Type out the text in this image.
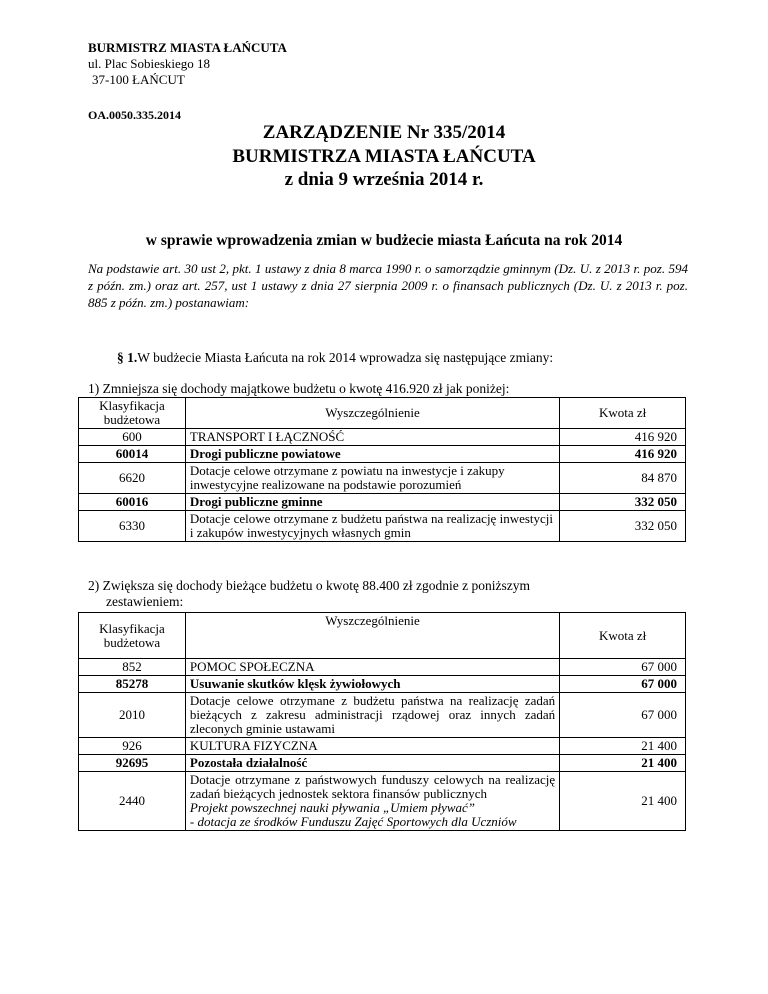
BURMISTRZ MIASTA ŁAŃCUTA
ul. Plac Sobieskiego 18
37-100 ŁAŃCUT
OA.0050.335.2014
ZARZĄDZENIE Nr 335/2014
BURMISTRZA MIASTA ŁAŃCUTA
z dnia 9 września 2014 r.
w sprawie wprowadzenia zmian w budżecie miasta Łańcuta na rok 2014
Na podstawie art. 30 ust 2, pkt. 1 ustawy z dnia 8 marca 1990 r. o samorządzie gminnym (Dz. U. z 2013 r. poz. 594 z późn. zm.) oraz art. 257, ust 1 ustawy z dnia 27 sierpnia 2009 r. o finansach publicznych (Dz. U. z 2013 r. poz. 885 z późn. zm.) postanawiam:
§ 1.W budżecie Miasta Łańcuta na rok 2014 wprowadza się następujące zmiany:
1) Zmniejsza się dochody majątkowe budżetu o kwotę 416.920 zł jak poniżej:
Klasyfikacja budżetowa	Wyszczególnienie	Kwota zł
600	TRANSPORT I ŁĄCZNOŚĆ	416 920
60014	Drogi publiczne powiatowe	416 920
6620	Dotacje celowe otrzymane z powiatu na inwestycje i zakupy inwestycyjne realizowane na podstawie porozumień	84 870
60016	Drogi publiczne gminne	332 050
6330	Dotacje celowe otrzymane z budżetu państwa na realizację inwestycji i zakupów inwestycyjnych własnych gmin	332 050
2) Zwiększa się dochody bieżące budżetu o kwotę 88.400 zł zgodnie z poniższym
zestawieniem:
Klasyfikacja budżetowa	Wyszczególnienie	Kwota zł
852	POMOC SPOŁECZNA	67 000
85278	Usuwanie skutków klęsk żywiołowych	67 000
2010	Dotacje celowe otrzymane z budżetu państwa na realizację zadań bieżących z zakresu administracji rządowej oraz innych zadań zleconych gminie ustawami	67 000
926	KULTURA FIZYCZNA	21 400
92695	Pozostała działalność	21 400
2440	Dotacje otrzymane z państwowych funduszy celowych na realizację zadań bieżących jednostek sektora finansów publicznych
Projekt powszechnej nauki pływania „Umiem pływać”
- dotacja ze środków Funduszu Zajęć Sportowych dla Uczniów	21 400
